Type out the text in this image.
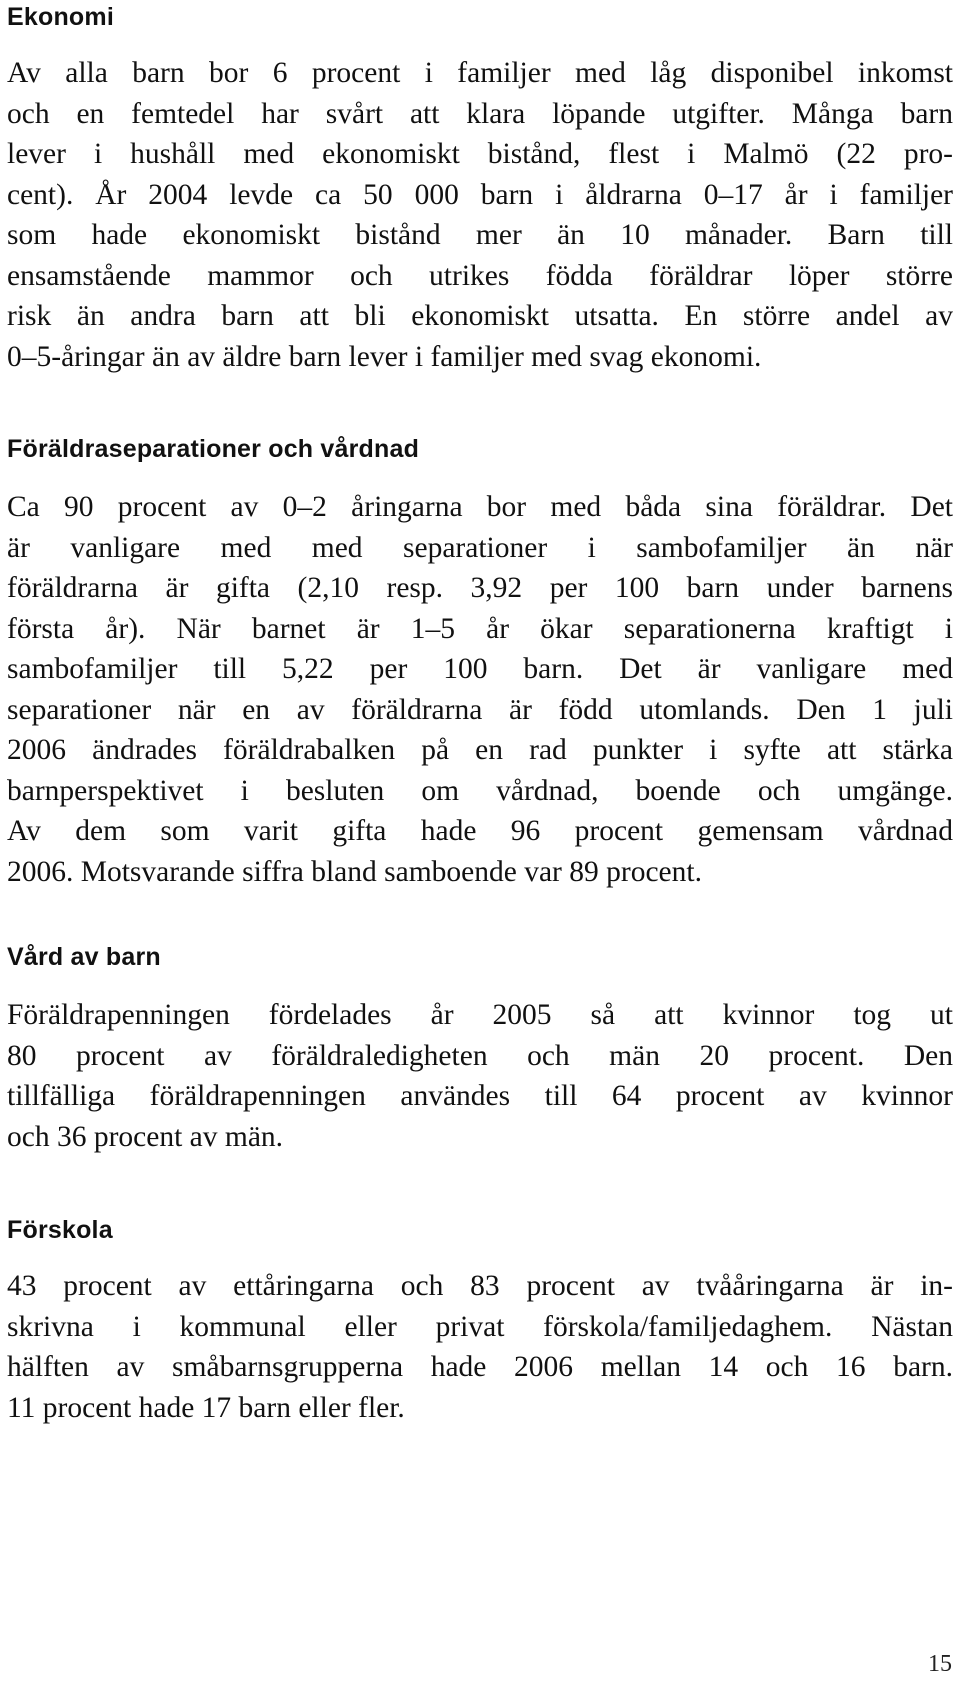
Ekonomi
Av alla barn bor 6 procent i familjer med låg disponibel inkomst
och en femtedel har svårt att klara löpande utgifter. Många barn
lever i hushåll med ekonomiskt bistånd, flest i Malmö (22 pro-
cent). År 2004 levde ca 50 000 barn i åldrarna 0–17 år i familjer
som hade ekonomiskt bistånd mer än 10 månader. Barn till
ensamstående mammor och utrikes födda föräldrar löper större
risk än andra barn att bli ekonomiskt utsatta. En större andel av
0–5-åringar än av äldre barn lever i familjer med svag ekonomi.
Föräldraseparationer och vårdnad
Ca 90 procent av 0–2 åringarna bor med båda sina föräldrar. Det
är vanligare med med separationer i sambofamiljer än när
föräldrarna är gifta (2,10 resp. 3,92 per 100 barn under barnens
första år). När barnet är 1–5 år ökar separationerna kraftigt i
sambofamiljer till 5,22 per 100 barn. Det är vanligare med
separationer när en av föräldrarna är född utomlands. Den 1 juli
2006 ändrades föräldrabalken på en rad punkter i syfte att stärka
barnperspektivet i besluten om vårdnad, boende och umgänge.
Av dem som varit gifta hade 96 procent gemensam vårdnad
2006. Motsvarande siffra bland samboende var 89 procent.
Vård av barn
Föräldrapenningen fördelades år 2005 så att kvinnor tog ut
80 procent av föräldraledigheten och män 20 procent. Den
tillfälliga föräldrapenningen användes till 64 procent av kvinnor
och 36 procent av män.
Förskola
43 procent av ettåringarna och 83 procent av tvååringarna är in-
skrivna i kommunal eller privat förskola/familjedaghem. Nästan
hälften av småbarnsgrupperna hade 2006 mellan 14 och 16 barn.
11 procent hade 17 barn eller fler.
15
